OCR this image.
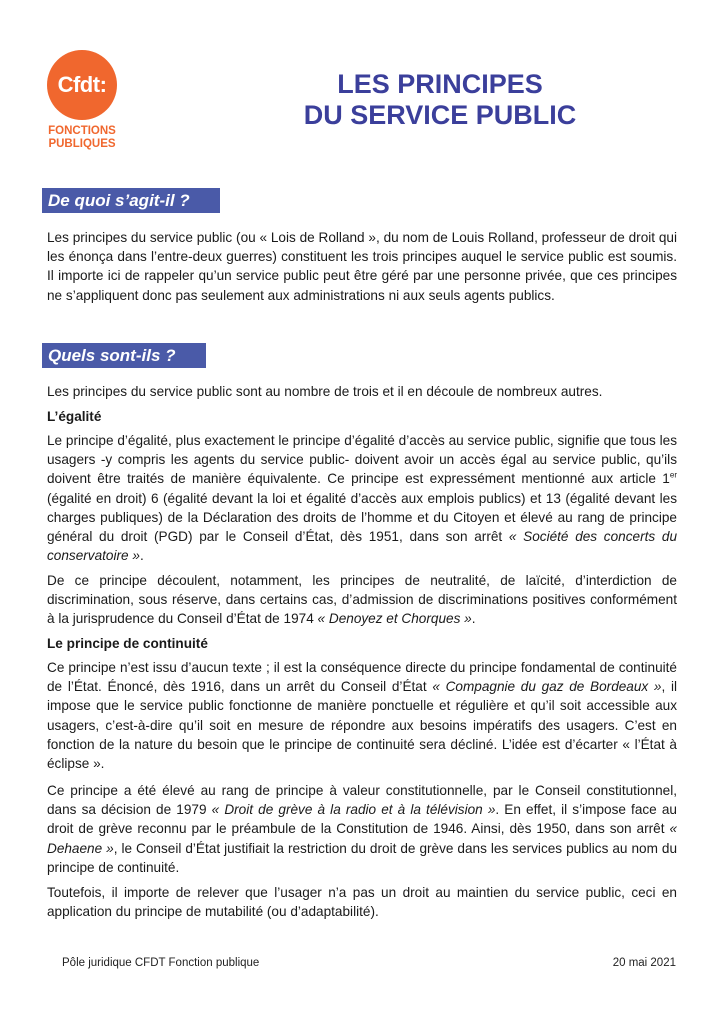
Cfdt:
FONCTIONS
PUBLIQUES
LES PRINCIPES
DU SERVICE PUBLIC
De quoi s’agit-il ?

Les principes du service public (ou « Lois de Rolland », du nom de Louis Rolland, professeur de droit qui les énonça dans l’entre-deux guerres) constituent les trois principes auquel le service public est soumis. Il importe ici de rappeler qu’un service public peut être géré par une personne privée, que ces principes ne s’appliquent donc pas seulement aux administrations ni aux seuls agents publics.

Quels sont-ils ?

Les principes du service public sont au nombre de trois et il en découle de nombreux autres.

L’égalité

Le principe d’égalité, plus exactement le principe d’égalité d’accès au service public, signifie que tous les usagers -y compris les agents du service public- doivent avoir un accès égal au service public, qu’ils doivent être traités de manière équivalente. Ce principe est expressément mentionné aux article 1er (égalité en droit) 6 (égalité devant la loi et égalité d’accès aux emplois publics) et 13 (égalité devant les charges publiques) de la Déclaration des droits de l’homme et du Citoyen et élevé au rang de principe général du droit (PGD) par le Conseil d’État, dès 1951, dans son arrêt « Société des concerts du conservatoire ».

De ce principe découlent, notamment, les principes de neutralité, de laïcité, d’interdiction de discrimination, sous réserve, dans certains cas, d’admission de discriminations positives conformément à la jurisprudence du Conseil d’État de 1974 « Denoyez et Chorques ».

Le principe de continuité

Ce principe n’est issu d’aucun texte ; il est la conséquence directe du principe fondamental de continuité de l’État. Énoncé, dès 1916, dans un arrêt du Conseil d’État « Compagnie du gaz de Bordeaux », il impose que le service public fonctionne de manière ponctuelle et régulière et qu’il soit accessible aux usagers, c’est-à-dire qu’il soit en mesure de répondre aux besoins impératifs des usagers. C’est en fonction de la nature du besoin que le principe de continuité sera décliné. L’idée est d’écarter « l’État à éclipse ».

Ce principe a été élevé au rang de principe à valeur constitutionnelle, par le Conseil constitutionnel, dans sa décision de 1979 « Droit de grève à la radio et à la télévision ». En effet, il s’impose face au droit de grève reconnu par le préambule de la Constitution de 1946. Ainsi, dès 1950, dans son arrêt « Dehaene », le Conseil d’État justifiait la restriction du droit de grève dans les services publics au nom du principe de continuité.

Toutefois, il importe de relever que l’usager n’a pas un droit au maintien du service public, ceci en application du principe de mutabilité (ou d’adaptabilité).

Pôle juridique CFDT Fonction publique	20 mai 2021
